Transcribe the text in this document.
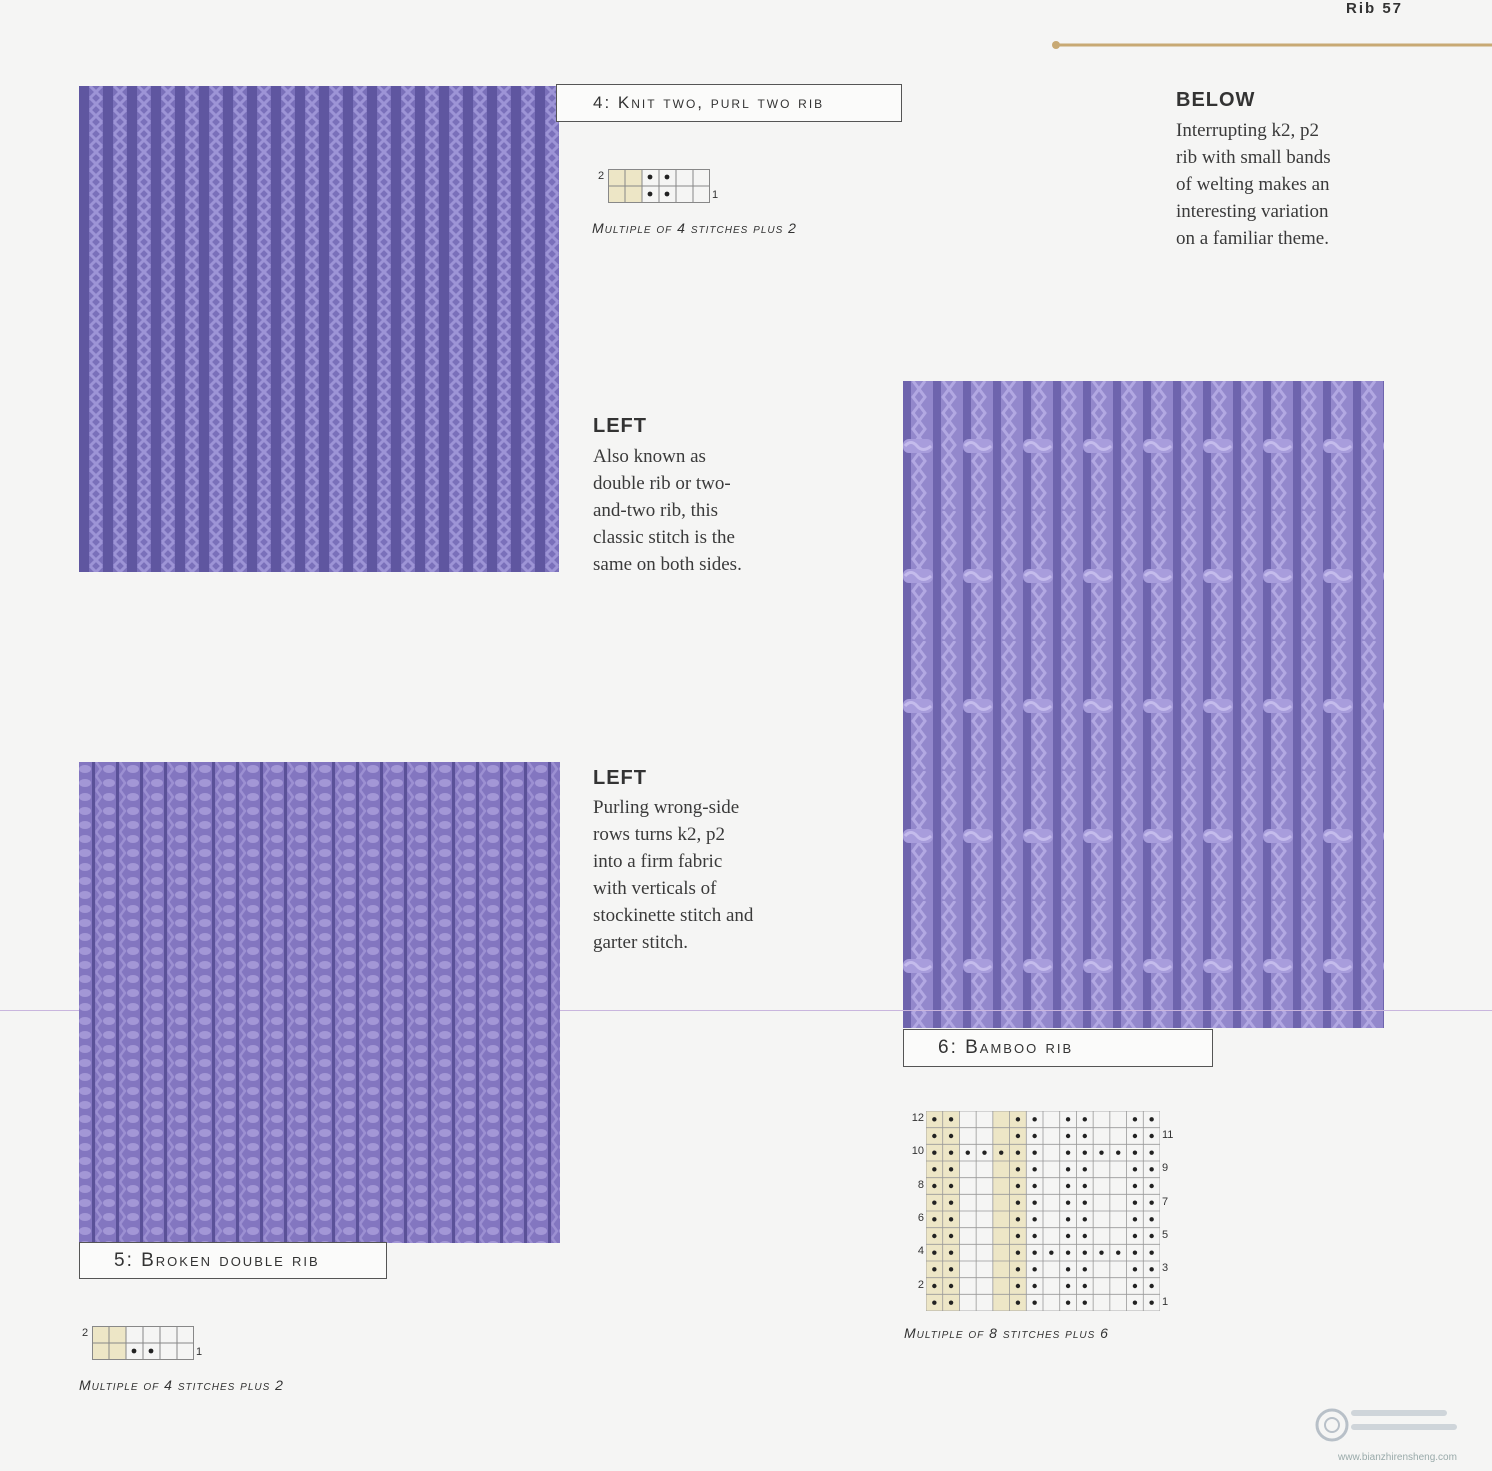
Rib 57
4: Knit two, purl two rib
2
1
Multiple of 4 stitches plus 2
BELOW
Interrupting k2, p2
rib with small bands
of welting makes an
interesting variation
on a familiar theme.
LEFT
Also known as
double rib or two-
and-two rib, this
classic stitch is the
same on both sides.
6: Bamboo rib
LEFT
Purling wrong-side
rows turns k2, p2
into a firm fabric
with verticals of
stockinette stitch and
garter stitch.
5: Broken double rib
2
1
Multiple of 4 stitches plus 2
12
10
8
6
4
2
11
9
7
5
3
1
Multiple of 8 stitches plus 6
www.bianzhirensheng.com
